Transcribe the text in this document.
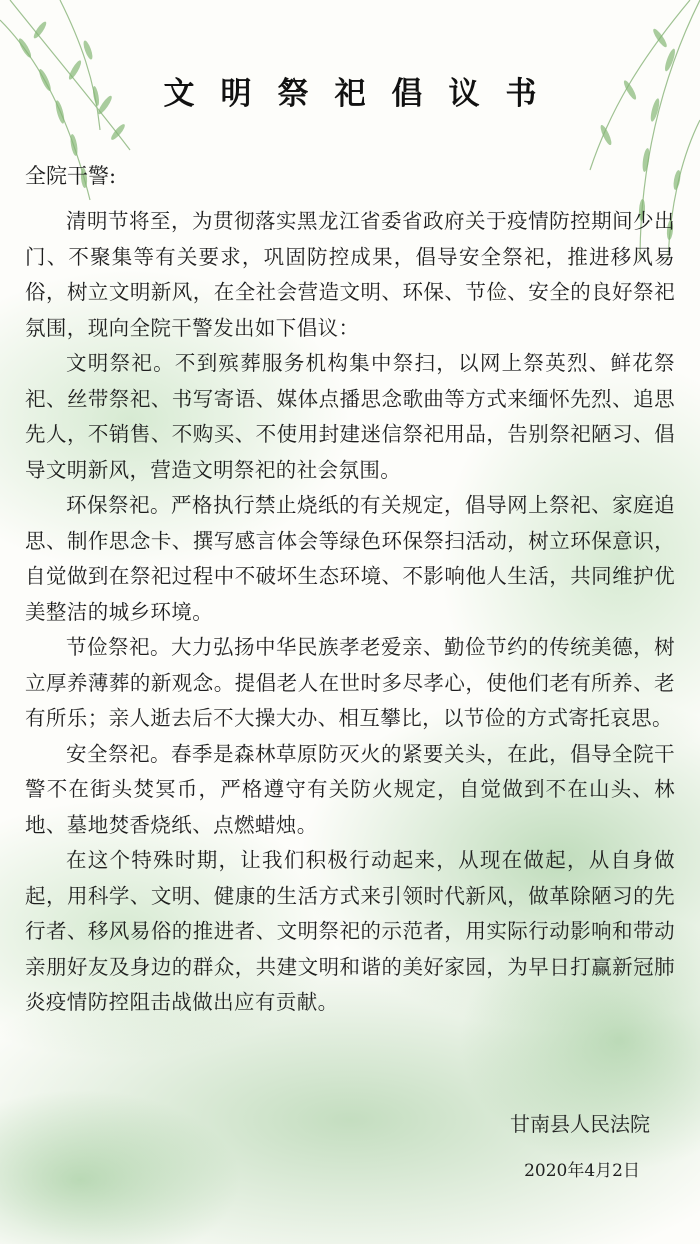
文明祭祀倡议书
全院干警:

清明节将至，为贯彻落实黑龙江省委省政府关于疫情防控期间少出门、不聚集等有关要求，巩固防控成果，倡导安全祭祀，推进移风易俗，树立文明新风，在全社会营造文明、环保、节俭、安全的良好祭祀氛围，现向全院干警发出如下倡议：

文明祭祀。不到殡葬服务机构集中祭扫，以网上祭英烈、鲜花祭祀、丝带祭祀、书写寄语、媒体点播思念歌曲等方式来缅怀先烈、追思先人，不销售、不购买、不使用封建迷信祭祀用品，告别祭祀陋习、倡导文明新风，营造文明祭祀的社会氛围。

环保祭祀。严格执行禁止烧纸的有关规定，倡导网上祭祀、家庭追思、制作思念卡、撰写感言体会等绿色环保祭扫活动，树立环保意识，自觉做到在祭祀过程中不破坏生态环境、不影响他人生活，共同维护优美整洁的城乡环境。

节俭祭祀。大力弘扬中华民族孝老爱亲、勤俭节约的传统美德，树立厚养薄葬的新观念。提倡老人在世时多尽孝心，使他们老有所养、老有所乐；亲人逝去后不大操大办、相互攀比，以节俭的方式寄托哀思。

安全祭祀。春季是森林草原防灭火的紧要关头，在此，倡导全院干警不在街头焚冥币，严格遵守有关防火规定，自觉做到不在山头、林地、墓地焚香烧纸、点燃蜡烛。

在这个特殊时期，让我们积极行动起来，从现在做起，从自身做起，用科学、文明、健康的生活方式来引领时代新风，做革除陋习的先行者、移风易俗的推进者、文明祭祀的示范者，用实际行动影响和带动亲朋好友及身边的群众，共建文明和谐的美好家园，为早日打赢新冠肺炎疫情防控阻击战做出应有贡献。

甘南县人民法院
2020年4月2日
